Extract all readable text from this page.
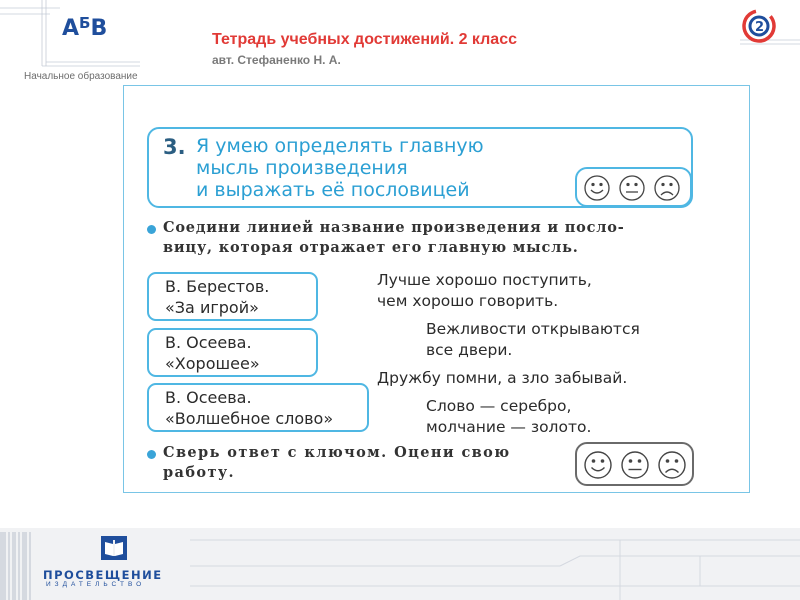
$А^БВ$
Начальное образование
Тетрадь учебных достижений. 2 класс
авт. Стефаненко Н. А.
2
3. Я умею определять главную
мысль произведения
и выражать её пословицей
Соедини линией название произведения и посло-
вицу, которая отражает его главную мысль.
В. Берестов.
«За игрой»
В. Осеева.
«Хорошее»
В. Осеева.
«Волшебное слово»
Лучше хорошо поступить,
чем хорошо говорить.
Вежливости открываются
все двери.
Дружбу помни, а зло забывай.
Слово — серебро,
молчание — золото.
Сверь ответ с ключом. Оцени свою
работу.
ПРОСВЕЩЕНИЕ
ИЗДАТЕЛЬСТВО
